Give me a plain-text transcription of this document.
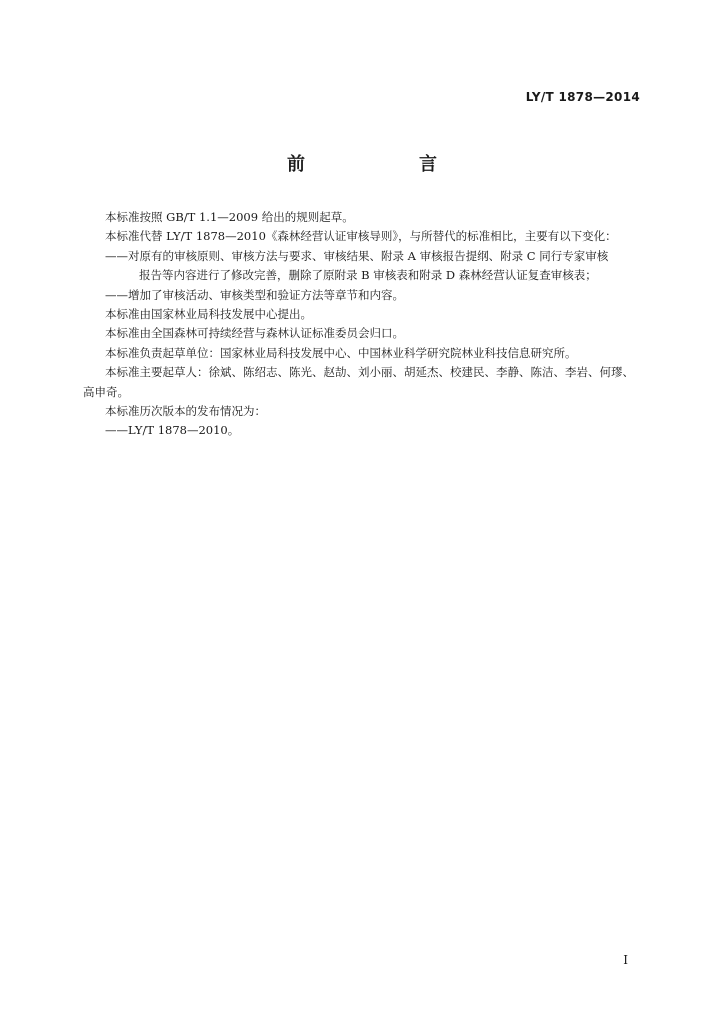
LY/T 1878—2014
前　言

本标准按照 GB/T 1.1—2009 给出的规则起草。

本标准代替 LY/T 1878—2010《森林经营认证审核导则》，与所替代的标准相比，主要有以下变化：

——对原有的审核原则、审核方法与要求、审核结果、附录 A 审核报告提纲、附录 C 同行专家审核

报告等内容进行了修改完善，删除了原附录 B 审核表和附录 D 森林经营认证复查审核表；

——增加了审核活动、审核类型和验证方法等章节和内容。

本标准由国家林业局科技发展中心提出。

本标准由全国森林可持续经营与森林认证标准委员会归口。

本标准负责起草单位：国家林业局科技发展中心、中国林业科学研究院林业科技信息研究所。

本标准主要起草人：徐斌、陈绍志、陈光、赵劼、刘小丽、胡延杰、校建民、李静、陈洁、李岩、何璆、

高申奇。

本标准历次版本的发布情况为：

——LY/T 1878—2010。

I
